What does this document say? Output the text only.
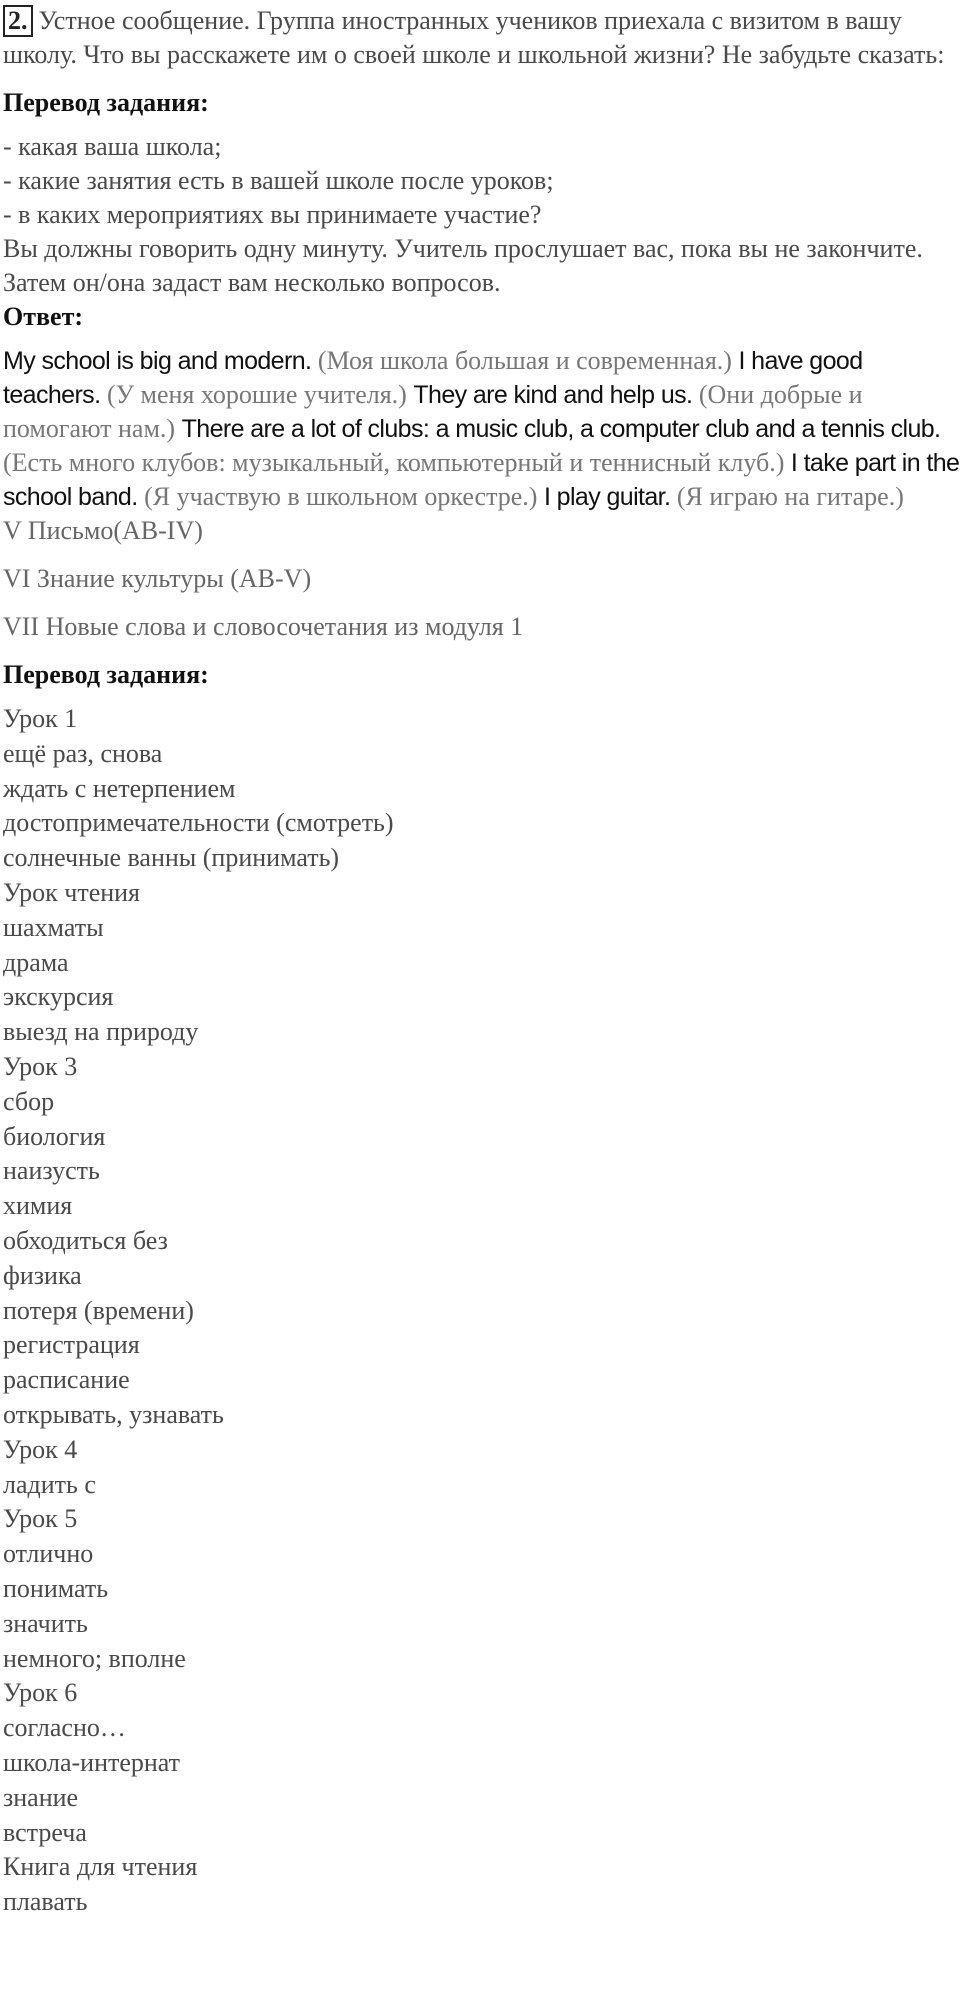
2. Устное сообщение. Группа иностранных учеников приехала с визитом в вашу школу. Что вы расскажете им о своей школе и школьной жизни? Не забудьте сказать:

Перевод задания:

- какая ваша школа;

- какие занятия есть в вашей школе после уроков;

- в каких мероприятиях вы принимаете участие?

Вы должны говорить одну минуту. Учитель прослушает вас, пока вы не закончите. Затем он/она задаст вам несколько вопросов.

Ответ:

My school is big and modern. (Моя школа большая и современная.) I have good teachers. (У меня хорошие учителя.) They are kind and help us. (Они добрые и помогают нам.) There are a lot of clubs: a music club, a computer club and a tennis club. (Есть много клубов: музыкальный, компьютерный и теннисный клуб.) I take part in the school band. (Я участвую в школьном оркестре.) I play guitar. (Я играю на гитаре.)

V Письмо(AB-IV)

VI Знание культуры (AB-V)

VII Новые слова и словосочетания из модуля 1

Перевод задания:

Урок 1

ещё раз, снова

ждать с нетерпением

достопримечательности (смотреть)

солнечные ванны (принимать)

Урок чтения

шахматы

драма

экскурсия

выезд на природу

Урок 3

сбор

биология

наизусть

химия

обходиться без

физика

потеря (времени)

регистрация

расписание

открывать, узнавать

Урок 4

ладить с

Урок 5

отлично

понимать

значить

немного; вполне

Урок 6

согласно…

школа-интернат

знание

встреча

Книга для чтения

плавать
